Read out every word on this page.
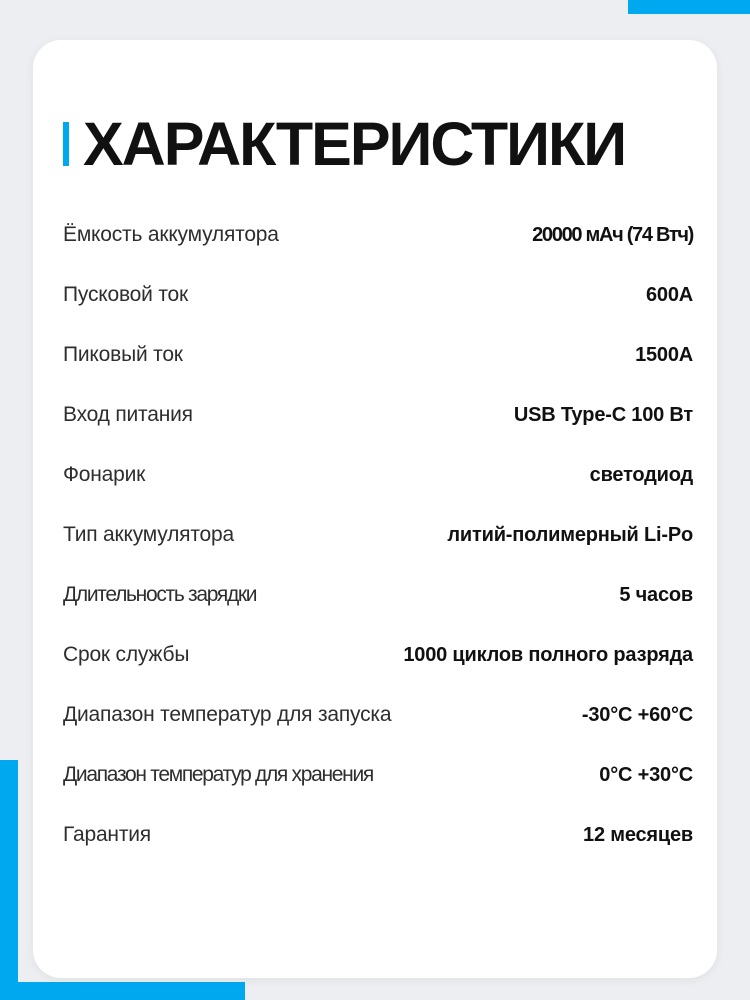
ХАРАКТЕРИСТИКИ
Ёмкость аккумулятора	20000 мАч (74 Втч)
Пусковой ток	600А
Пиковый ток	1500А
Вход питания	USB Type-C 100 Вт
Фонарик	светодиод
Тип аккумулятора	литий-полимерный Li-Po
Длительность зарядки	5 часов
Срок службы	1000 циклов полного разряда
Диапазон температур для запуска	-30°С +60°С
Диапазон температур для хранения	0°С +30°С
Гарантия	12 месяцев
